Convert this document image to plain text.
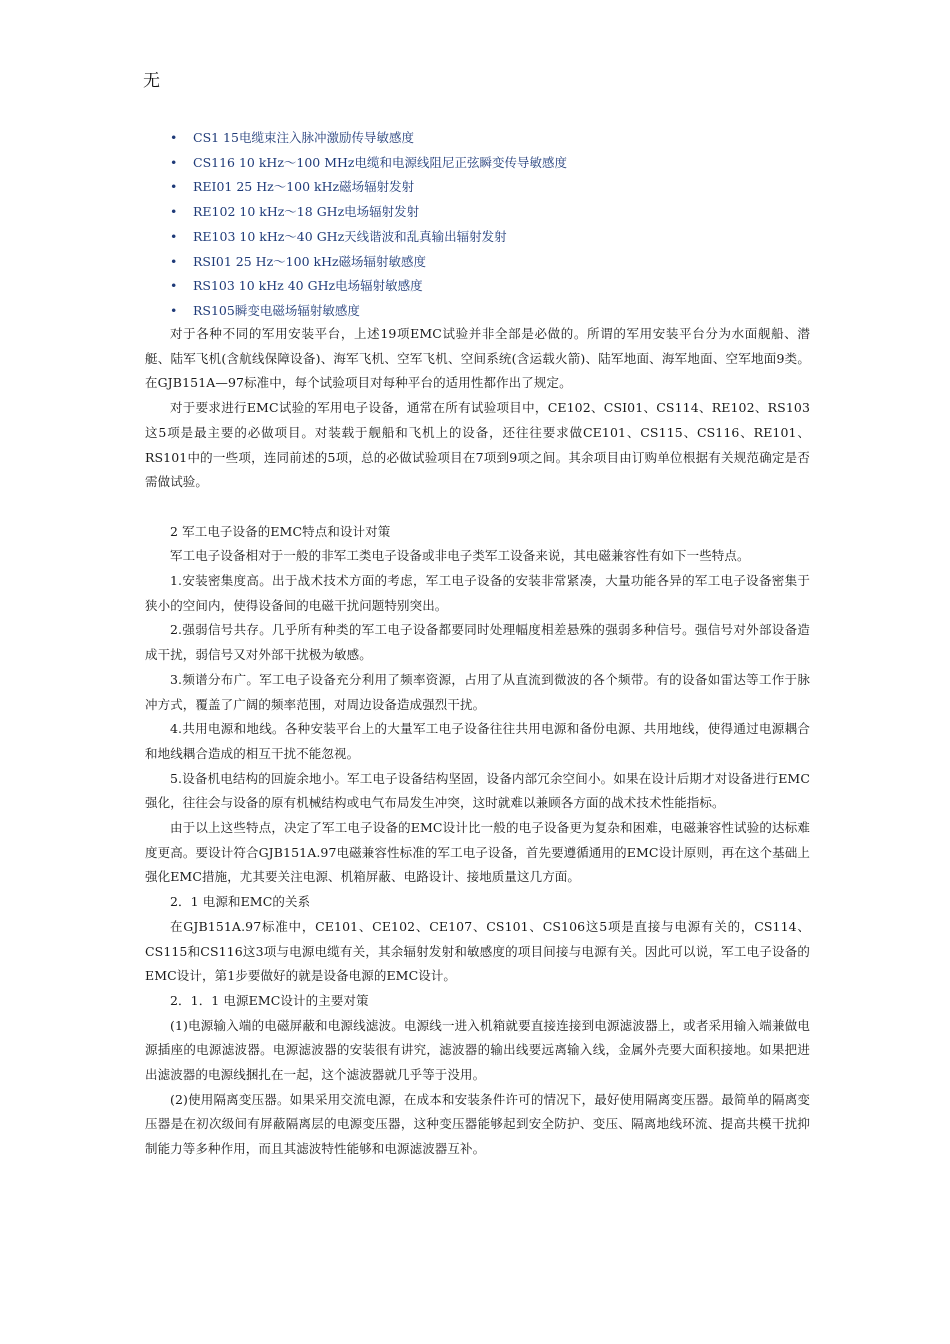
无
• CS1 15电缆束注入脉冲激励传导敏感度
• CS116 10 kHz～100 MHz电缆和电源线阻尼正弦瞬变传导敏感度
• REI01 25 Hz～100 kHz磁场辐射发射
• RE102 10 kHz～18 GHz电场辐射发射
• RE103 10 kHz～40 GHz天线谐波和乱真输出辐射发射
• RSI01 25 Hz～100 kHz磁场辐射敏感度
• RS103 10 kHz 40 GHz电场辐射敏感度
• RS105瞬变电磁场辐射敏感度

对于各种不同的军用安装平台，上述19项EMC试验并非全部是必做的。所谓的军用安装平台分为水面舰船、潜艇、陆军飞机(含航线保障设备)、海军飞机、空军飞机、空间系统(含运载火箭)、陆军地面、海军地面、空军地面9类。在GJB151A—97标准中，每个试验项目对每种平台的适用性都作出了规定。

对于要求进行EMC试验的军用电子设备，通常在所有试验项目中，CE102、CSI01、CS114、RE102、RS103这5项是最主要的必做项目。对装载于舰船和飞机上的设备，还往往要求做CE101、CS115、CS116、RE101、RS101中的一些项，连同前述的5项，总的必做试验项目在7项到9项之间。其余项目由订购单位根据有关规范确定是否需做试验。

2 军工电子设备的EMC特点和设计对策

军工电子设备相对于一般的非军工类电子设备或非电子类军工设备来说，其电磁兼容性有如下一些特点。

1.安装密集度高。出于战术技术方面的考虑，军工电子设备的安装非常紧凑，大量功能各异的军工电子设备密集于狭小的空间内，使得设备间的电磁干扰问题特别突出。

2.强弱信号共存。几乎所有种类的军工电子设备都要同时处理幅度相差悬殊的强弱多种信号。强信号对外部设备造成干扰，弱信号又对外部干扰极为敏感。

3.频谱分布广。军工电子设备充分利用了频率资源，占用了从直流到微波的各个频带。有的设备如雷达等工作于脉冲方式，覆盖了广阔的频率范围，对周边设备造成强烈干扰。

4.共用电源和地线。各种安装平台上的大量军工电子设备往往共用电源和备份电源、共用地线，使得通过电源耦合和地线耦合造成的相互干扰不能忽视。

5.设备机电结构的回旋余地小。军工电子设备结构坚固，设备内部冗余空间小。如果在设计后期才对设备进行EMC强化，往往会与设备的原有机械结构或电气布局发生冲突，这时就难以兼顾各方面的战术技术性能指标。

由于以上这些特点，决定了军工电子设备的EMC设计比一般的电子设备更为复杂和困难，电磁兼容性试验的达标难度更高。要设计符合GJB151A.97电磁兼容性标准的军工电子设备，首先要遵循通用的EMC设计原则，再在这个基础上强化EMC措施，尤其要关注电源、机箱屏蔽、电路设计、接地质量这几方面。

2．1 电源和EMC的关系

在GJB151A.97标准中，CE101、CE102、CE107、CS101、CS106这5项是直接与电源有关的，CS114、CS115和CS116这3项与电源电缆有关，其余辐射发射和敏感度的项目间接与电源有关。因此可以说，军工电子设备的EMC设计，第1步要做好的就是设备电源的EMC设计。

2．1．1 电源EMC设计的主要对策

(1)电源输入端的电磁屏蔽和电源线滤波。电源线一进入机箱就要直接连接到电源滤波器上，或者采用输入端兼做电源插座的电源滤波器。电源滤波器的安装很有讲究，滤波器的输出线要远离输入线，金属外壳要大面积接地。如果把进出滤波器的电源线捆扎在一起，这个滤波器就几乎等于没用。

(2)使用隔离变压器。如果采用交流电源，在成本和安装条件许可的情况下，最好使用隔离变压器。最简单的隔离变压器是在初次级间有屏蔽隔离层的电源变压器，这种变压器能够起到安全防护、变压、隔离地线环流、提高共模干扰抑制能力等多种作用，而且其滤波特性能够和电源滤波器互补。
